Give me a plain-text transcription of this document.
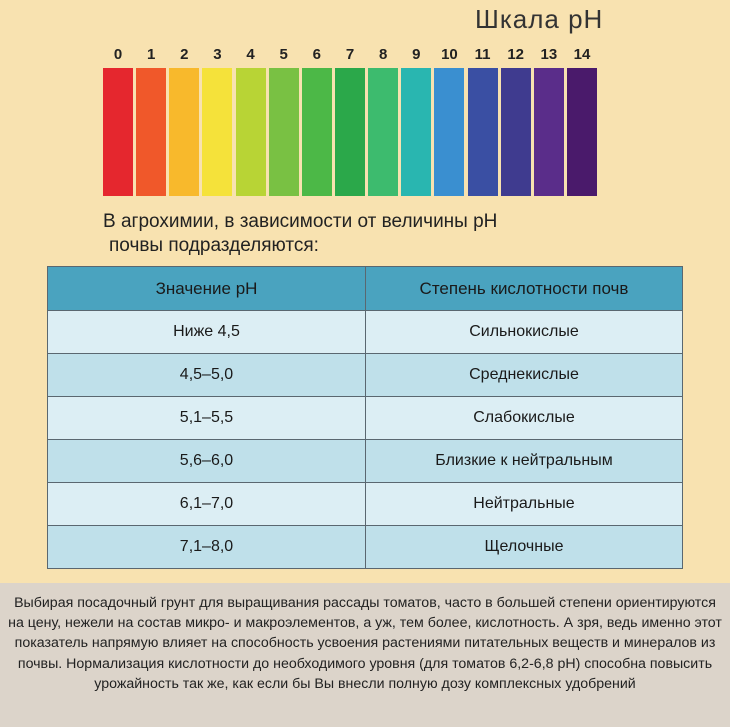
Шкала pH
0	1	2	3	4	5	6	7	8	9	10	11	12	13	14
В агрохимии, в зависимости от величины pH
почвы подразделяются:
Значение pH	Степень кислотности почв
Ниже 4,5	Сильнокислые
4,5–5,0	Среднекислые
5,1–5,5	Слабокислые
5,6–6,0	Близкие к нейтральным
6,1–7,0	Нейтральные
7,1–8,0	Щелочные
Выбирая посадочный грунт для выращивания рассады томатов, часто в большей степени ориентируются на цену, нежели на состав микро- и макроэлементов, а уж, тем более, кислотность. А зря, ведь именно этот показатель напрямую влияет на способность усвоения растениями питательных веществ и минералов из почвы. Нормализация кислотности до необходимого уровня (для томатов 6,2-6,8 pH) способна повысить урожайность так же, как если бы Вы внесли полную дозу комплексных удобрений
